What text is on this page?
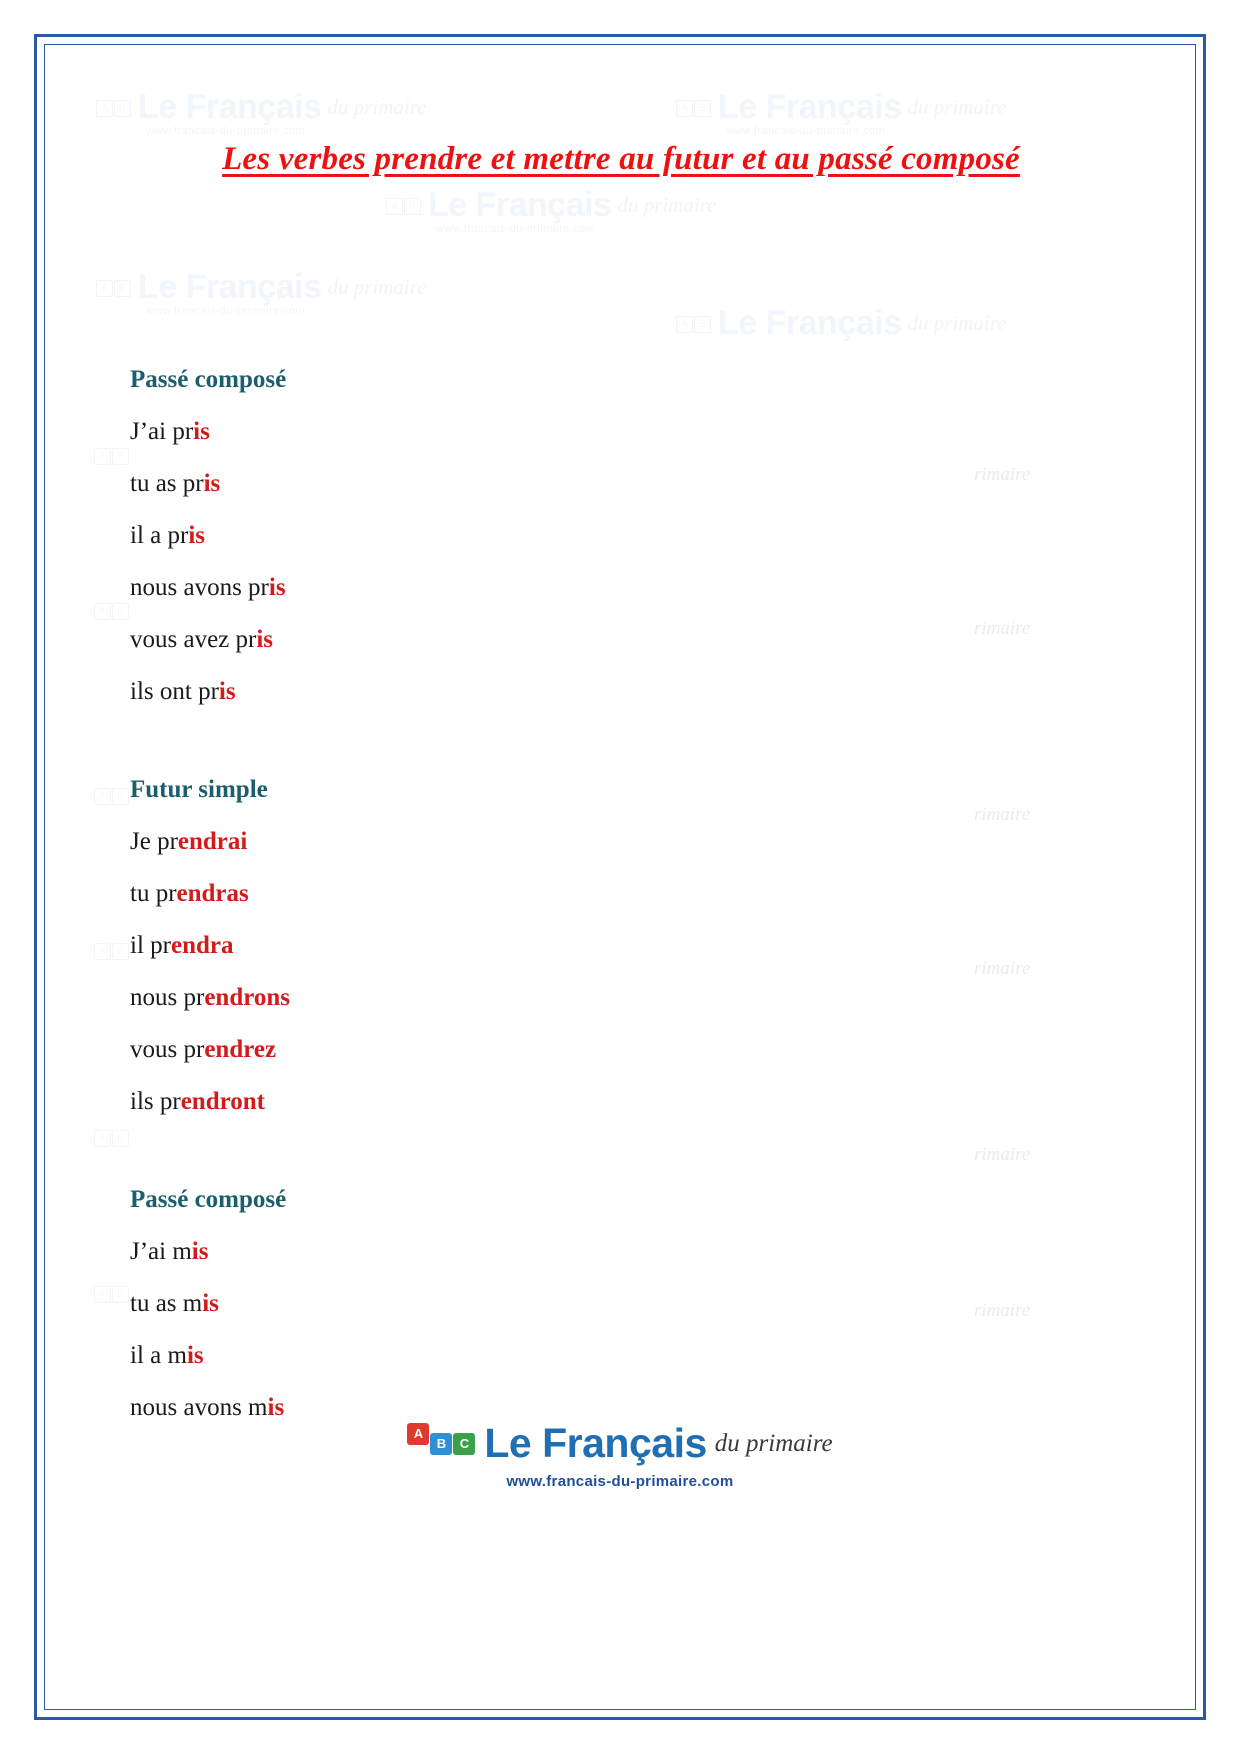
A B Le Français du primaire
www.francais-du-primaire.com
A B Le Français du primaire
www.francais-du-primaire.com
A B Le Français du primaire
www.francais-du-primaire.com
A B Le Français du primaire
www.francais-du-primaire.com
A B Le Français du primaire
A B
rimaire
A B
rimaire
A B
rimaire
A B
rimaire
A B
rimaire
A B
rimaire
Les verbes prendre et mettre au futur et au passé composé
Passé composé
J’ai pris
tu as pris
il a pris
nous avons pris
vous avez pris
ils ont pris
Futur simple
Je prendrai
tu prendras
il prendra
nous prendrons
vous prendrez
ils prendront
Passé composé
J’ai mis
tu as mis
il a mis
nous avons mis
AB C Le Français du primaire
www.francais-du-primaire.com
